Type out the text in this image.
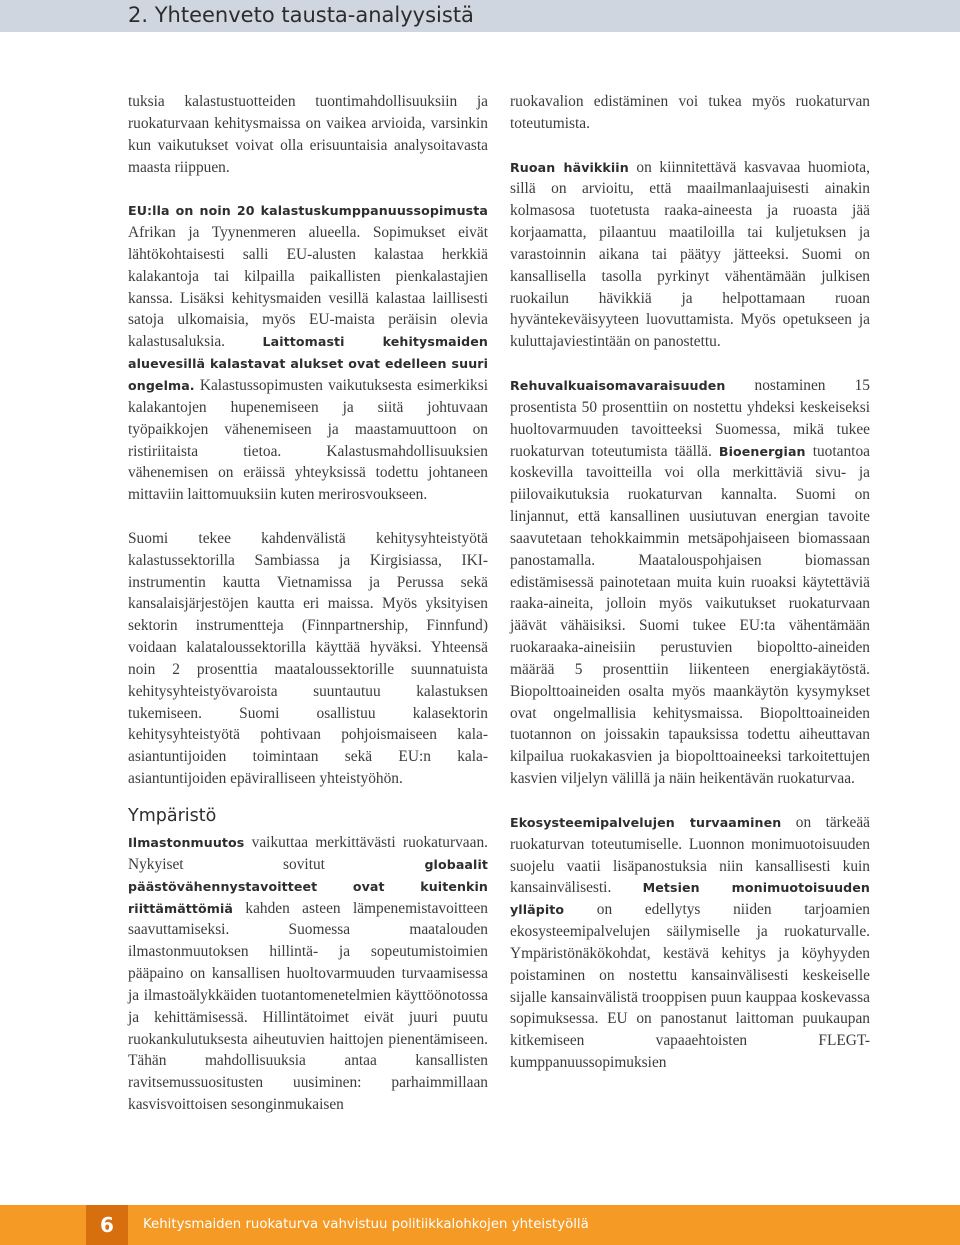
2. Yhteenveto tausta-analyysistä

tuksia kalastustuotteiden tuontimahdollisuuksiin ja ruokaturvaan kehitysmaissa on vaikea arvioida, varsinkin kun vaikutukset voivat olla erisuuntaisia analysoitavasta maasta riippuen.

EU:lla on noin 20 kalastuskumppanuussopimusta Afrikan ja Tyynenmeren alueella. Sopimukset eivät lähtökohtaisesti salli EU-alusten kalastaa herkkiä kalakantoja tai kilpailla paikallisten pienkalastajien kanssa. Lisäksi kehitysmaiden vesillä kalastaa laillisesti satoja ulkomaisia, myös EU-maista peräisin olevia kalastusaluksia. Laittomasti kehitysmaiden aluevesillä kalastavat alukset ovat edelleen suuri ongelma. Kalastussopimusten vaikutuksesta esimerkiksi kalakantojen hupenemiseen ja siitä johtuvaan työpaikkojen vähenemiseen ja maastamuuttoon on ristiriitaista tietoa. Kalastusmahdollisuuksien vähenemisen on eräissä yhteyksissä todettu johtaneen mittaviin laittomuuksiin kuten merirosvoukseen.

Suomi tekee kahdenvälistä kehitysyhteistyötä kalastussektorilla Sambiassa ja Kirgisiassa, IKI-instrumentin kautta Vietnamissa ja Perussa sekä kansalaisjärjestöjen kautta eri maissa. Myös yksityisen sektorin instrumentteja (Finnpartnership, Finnfund) voidaan kalataloussektorilla käyttää hyväksi. Yhteensä noin 2 prosenttia maataloussektorille suunnatuista kehitysyhteistyövaroista suuntautuu kalastuksen tukemiseen. Suomi osallistuu kalasektorin kehitysyhteistyötä pohtivaan pohjoismaiseen kala-asiantuntijoiden toimintaan sekä EU:n kala-asiantuntijoiden epäviralliseen yhteistyöhön.

Ympäristö

Ilmastonmuutos vaikuttaa merkittävästi ruokaturvaan. Nykyiset sovitut globaalit päästövähennystavoitteet ovat kuitenkin riittämättömiä kahden asteen lämpenemistavoitteen saavuttamiseksi. Suomessa maatalouden ilmastonmuutoksen hillintä- ja sopeutumistoimien pääpaino on kansallisen huoltovarmuuden turvaamisessa ja ilmastoälykkäiden tuotantomenetelmien käyttöönotossa ja kehittämisessä. Hillintätoimet eivät juuri puutu ruokankulutuksesta aiheutuvien haittojen pienentämiseen. Tähän mahdollisuuksia antaa kansallisten ravitsemussuositusten uusiminen: parhaimmillaan kasvisvoittoisen sesonginmukaisen

ruokavalion edistäminen voi tukea myös ruokaturvan toteutumista.

Ruoan hävikkiin on kiinnitettävä kasvavaa huomiota, sillä on arvioitu, että maailmanlaajuisesti ainakin kolmasosa tuotetusta raaka-aineesta ja ruoasta jää korjaamatta, pilaantuu maatiloilla tai kuljetuksen ja varastoinnin aikana tai päätyy jätteeksi. Suomi on kansallisella tasolla pyrkinyt vähentämään julkisen ruokailun hävikkiä ja helpottamaan ruoan hyväntekeväisyyteen luovuttamista. Myös opetukseen ja kuluttajaviestintään on panostettu.

Rehuvalkuaisomavaraisuuden nostaminen 15 prosentista 50 prosenttiin on nostettu yhdeksi keskeiseksi huoltovarmuuden tavoitteeksi Suomessa, mikä tukee ruokaturvan toteutumista täällä. Bioenergian tuotantoa koskevilla tavoitteilla voi olla merkittäviä sivu- ja piilovaikutuksia ruokaturvan kannalta. Suomi on linjannut, että kansallinen uusiutuvan energian tavoite saavutetaan tehokkaimmin metsäpohjaiseen biomassaan panostamalla. Maatalouspohjaisen biomassan edistämisessä painotetaan muita kuin ruoaksi käytettäviä raaka-aineita, jolloin myös vaikutukset ruokaturvaan jäävät vähäisiksi. Suomi tukee EU:ta vähentämään ruokaraaka-aineisiin perustuvien biopoltto-aineiden määrää 5 prosenttiin liikenteen energiakäytöstä. Biopolttoaineiden osalta myös maankäytön kysymykset ovat ongelmallisia kehitysmaissa. Biopolttoaineiden tuotannon on joissakin tapauksissa todettu aiheuttavan kilpailua ruokakasvien ja biopolttoaineeksi tarkoitettujen kasvien viljelyn välillä ja näin heikentävän ruokaturvaa.

Ekosysteemipalvelujen turvaaminen on tärkeää ruokaturvan toteutumiselle. Luonnon monimuotoisuuden suojelu vaatii lisäpanostuksia niin kansallisesti kuin kansainvälisesti. Metsien monimuotoisuuden ylläpito on edellytys niiden tarjoamien ekosysteemipalvelujen säilymiselle ja ruokaturvalle. Ympäristönäkökohdat, kestävä kehitys ja köyhyyden poistaminen on nostettu kansainvälisesti keskeiselle sijalle kansainvälistä trooppisen puun kauppaa koskevassa sopimuksessa. EU on panostanut laittoman puukaupan kitkemiseen vapaaehtoisten FLEGT-kumppanuussopimuksien

6	Kehitysmaiden ruokaturva vahvistuu politiikkalohkojen yhteistyöllä
